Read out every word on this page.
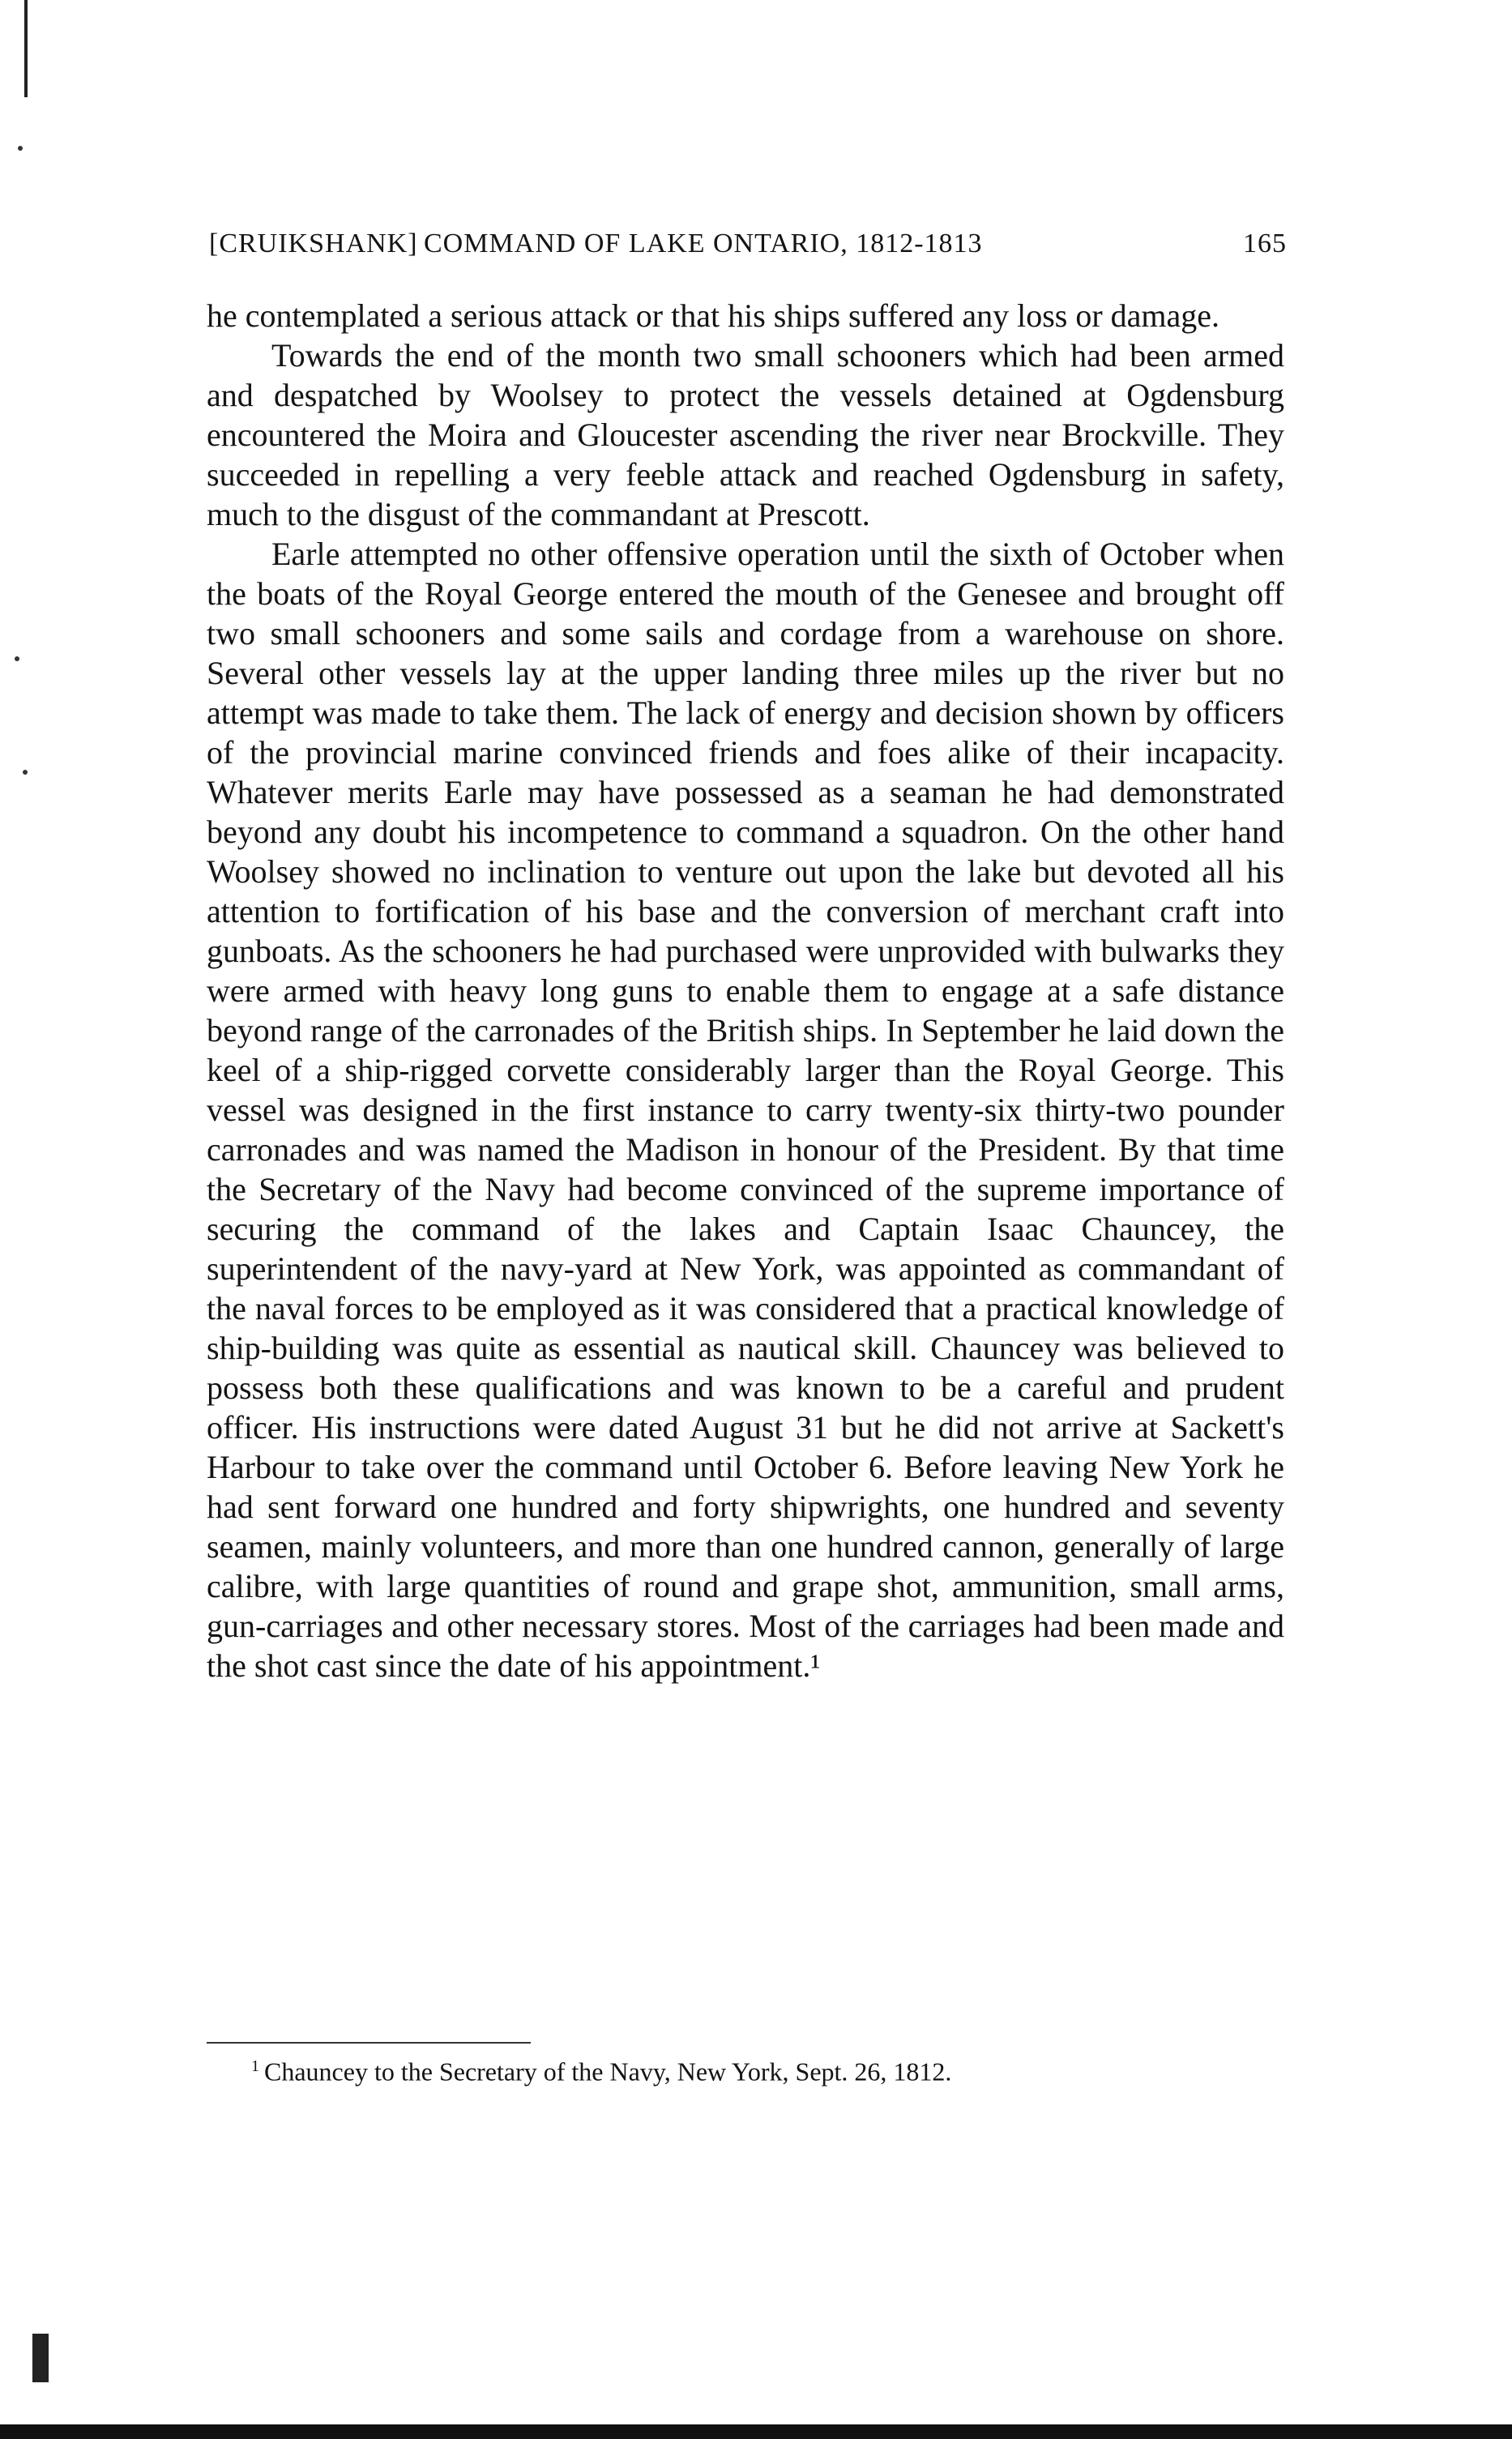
[CRUIKSHANK] COMMAND OF LAKE ONTARIO, 1812-1813	165

he contemplated a serious attack or that his ships suffered any loss or damage.

Towards the end of the month two small schooners which had been armed and despatched by Woolsey to protect the vessels detained at Ogdensburg encountered the Moira and Gloucester ascending the river near Brockville. They succeeded in repelling a very feeble attack and reached Ogdensburg in safety, much to the disgust of the commandant at Prescott.

Earle attempted no other offensive operation until the sixth of October when the boats of the Royal George entered the mouth of the Genesee and brought off two small schooners and some sails and cordage from a warehouse on shore. Several other vessels lay at the upper landing three miles up the river but no attempt was made to take them. The lack of energy and decision shown by officers of the provincial marine convinced friends and foes alike of their incapacity. Whatever merits Earle may have possessed as a seaman he had demonstrated beyond any doubt his incompetence to command a squadron. On the other hand Woolsey showed no inclination to venture out upon the lake but devoted all his attention to fortification of his base and the conversion of merchant craft into gunboats. As the schooners he had purchased were unprovided with bulwarks they were armed with heavy long guns to enable them to engage at a safe distance beyond range of the carronades of the British ships. In September he laid down the keel of a ship-rigged corvette considerably larger than the Royal George. This vessel was designed in the first instance to carry twenty-six thirty-two pounder carronades and was named the Madison in honour of the President. By that time the Secretary of the Navy had become convinced of the supreme importance of securing the command of the lakes and Captain Isaac Chauncey, the superintendent of the navy-yard at New York, was appointed as commandant of the naval forces to be employed as it was considered that a practical knowledge of ship-building was quite as essential as nautical skill. Chauncey was believed to possess both these qualifications and was known to be a careful and prudent officer. His instructions were dated August 31 but he did not arrive at Sackett's Harbour to take over the command until October 6. Before leaving New York he had sent forward one hundred and forty shipwrights, one hundred and seventy seamen, mainly volunteers, and more than one hundred cannon, generally of large calibre, with large quantities of round and grape shot, ammunition, small arms, gun-carriages and other necessary stores. Most of the carriages had been made and the shot cast since the date of his appointment.¹

$^1$ Chauncey to the Secretary of the Navy, New York, Sept. 26, 1812.
